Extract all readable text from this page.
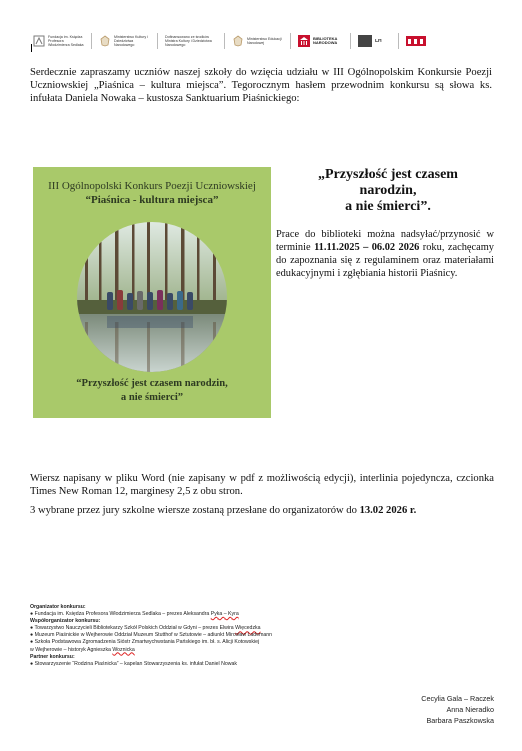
Fundacja im. Księdza Profesora Włodzimierza Sedlaka
Ministerstwo Kultury i Dziedzictwa Narodowego
Dofinansowano ze środków Ministra Kultury i Dziedzictwa Narodowego
Ministerstwo Edukacji Narodowej
BIBLIOTEKA NARODOWA	LH

Serdecznie zapraszamy uczniów naszej szkoły do wzięcia udziału w III Ogólnopolskim Konkursie Poezji Uczniowskiej „Piaśnica – kultura miejsca”. Tegorocznym hasłem przewodnim konkursu są słowa ks. infułata Daniela Nowaka – kustosza Sanktuarium Piaśnickiego:

III Ogólnopolski Konkurs Poezji Uczniowskiej
“Piaśnica - kultura miejsca”
“Przyszłość jest czasem narodzin,
a nie śmierci”
„Przyszłość jest czasem
narodzin,
a nie śmierci”.

Prace do biblioteki można nadsyłać/przynosić w terminie 11.11.2025 – 06.02 2026 roku, zachęcamy do zapoznania się z regulaminem oraz materiałami edukacyjnymi i zgłębiania historii Piaśnicy.

Wiersz napisany w pliku Word (nie zapisany w pdf z możliwością edycji), interlinia pojedyncza, czcionka Times New Roman 12, marginesy 2,5 z obu stron.

3 wybrane przez jury szkolne wiersze zostaną przesłane do organizatorów do 13.02 2026 r.

Organizator konkursu:
● Fundacja im. Księdza Profesora Włodzimierza Sedlaka – prezes Aleksandra Pyka – Kyra
Współorganizator konkursu:
● Towarzystwo Nauczycieli Bibliotekarzy Szkół Polskich Oddział w Gdyni – prezes Elwira Więcedzka
● Muzeum Piaśnickie w Wejherowie Oddział Muzeum Stutthof w Sztutowie – adiunkt Mirosław Lademann
● Szkoła Podstawowa Zgromadzenia Sióstr Zmartwychwstania Pańskiego im. bł. s. Alicji Kotowskiej
w Wejherowie – historyk Agnieszka Woznicka
Partner konkursu:
● Stowarzyszenie “Rodzina Piaśnicka” – kapelan Stowarzyszenia ks. infułat Daniel Nowak
Cecylia Gala – Raczek
Anna Nieradko
Barbara Paszkowska
